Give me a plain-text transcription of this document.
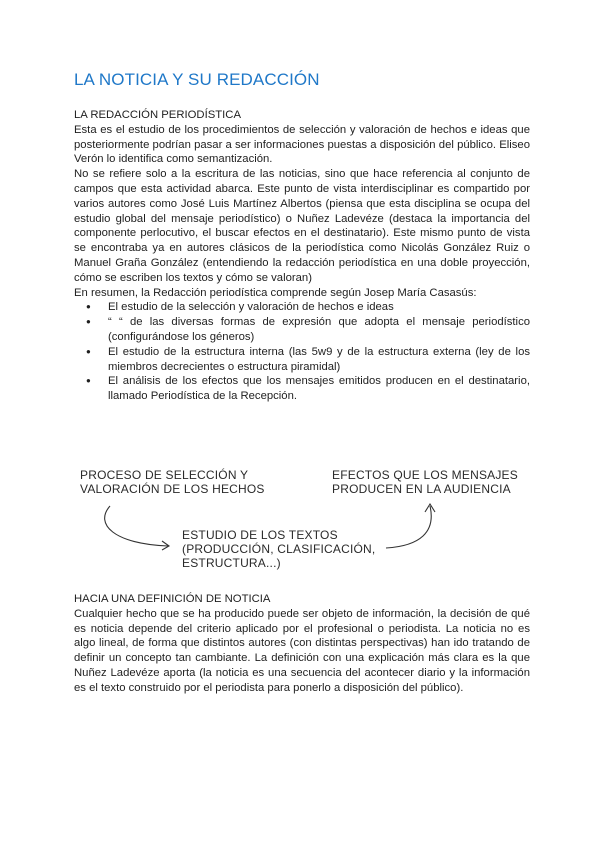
LA NOTICIA Y SU REDACCIÓN
LA REDACCIÓN PERIODÍSTICA

Esta es el estudio de los procedimientos de selección y valoración de hechos e ideas que posteriormente podrían pasar a ser informaciones puestas a disposición del público. Eliseo Verón lo identifica como semantización.

No se refiere solo a la escritura de las noticias, sino que hace referencia al conjunto de campos que esta actividad abarca. Este punto de vista interdisciplinar es compartido por varios autores como José Luis Martínez Albertos (piensa que esta disciplina se ocupa del estudio global del mensaje periodístico) o Nuñez Ladevéze (destaca la importancia del componente perlocutivo, el buscar efectos en el destinatario). Este mismo punto de vista se encontraba ya en autores clásicos de la periodística como Nicolás González Ruiz o Manuel Graña González (entendiendo la redacción periodística en una doble proyección, cómo se escriben los textos y cómo se valoran)

En resumen, la Redacción periodística comprende según Josep María Casasús:

● El estudio de la selección y valoración de hechos e ideas
● “ “ de las diversas formas de expresión que adopta el mensaje periodístico (configurándose los géneros)
● El estudio de la estructura interna (las 5w9 y de la estructura externa (ley de los miembros decrecientes o estructura piramidal)
● El análisis de los efectos que los mensajes emitidos producen en el destinatario, llamado Periodística de la Recepción.
PROCESO DE SELECCIÓN Y
VALORACIÓN DE LOS HECHOS
EFECTOS QUE LOS MENSAJES
PRODUCEN EN LA AUDIENCIA
ESTUDIO DE LOS TEXTOS
(PRODUCCIÓN, CLASIFICACIÓN,
ESTRUCTURA...)
HACIA UNA DEFINICIÓN DE NOTICIA

Cualquier hecho que se ha producido puede ser objeto de información, la decisión de qué es noticia depende del criterio aplicado por el profesional o periodista. La noticia no es algo lineal, de forma que distintos autores (con distintas perspectivas) han ido tratando de definir un concepto tan cambiante. La definición con una explicación más clara es la que Nuñez Ladevéze aporta (la noticia es una secuencia del acontecer diario y la información es el texto construido por el periodista para ponerlo a disposición del público).
